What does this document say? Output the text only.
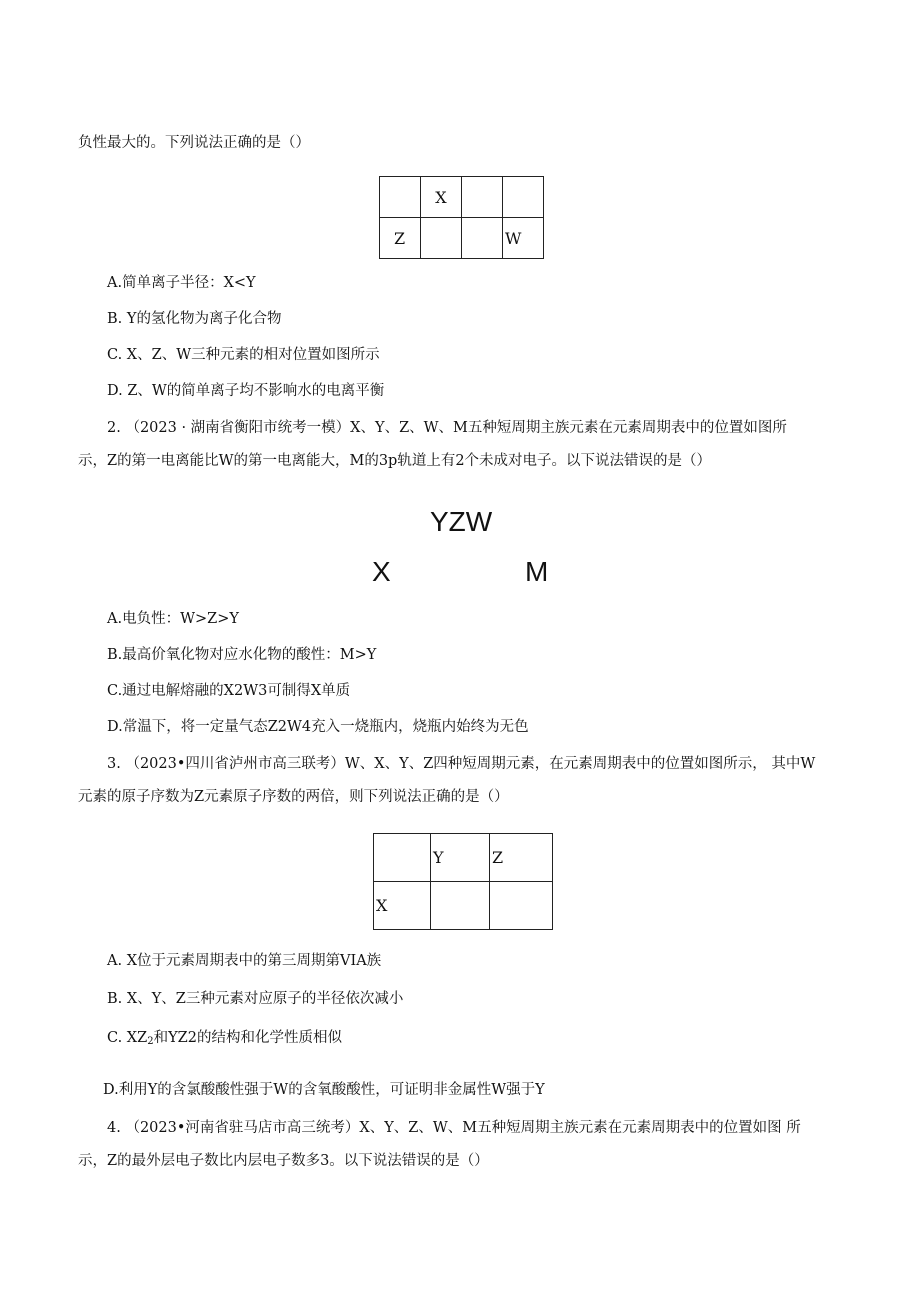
负性最大的。下列说法正确的是（）
	X		
Z			W
A.简单离子半径：X<Y
B. Y的氢化物为离子化合物
C. X、Z、W三种元素的相对位置如图所示
D. Z、W的简单离子均不影响水的电离平衡
2. （2023 · 湖南省衡阳市统考一模）X、Y、Z、W、M五种短周期主族元素在元素周期表中的位置如图所
示，Z的第一电离能比W的第一电离能大，M的3p轨道上有2个未成对电子。以下说法错误的是（）
YZW
X	M
A.电负性：W>Z>Y
B.最高价氧化物对应水化物的酸性：M>Y
C.通过电解熔融的X2W3可制得X单质
D.常温下，将一定量气态Z2W4充入一烧瓶内，烧瓶内始终为无色
3. （2023•四川省泸州市高三联考）W、X、Y、Z四种短周期元素，在元素周期表中的位置如图所示， 其中W
元素的原子序数为Z元素原子序数的两倍，则下列说法正确的是（）
	Y	Z
X		
A. X位于元素周期表中的第三周期第VIA族
B. X、Y、Z三种元素对应原子的半径依次减小
C. $XZ_2$和YZ2的结构和化学性质相似
D.利用Y的含氯酸酸性强于W的含氧酸酸性，可证明非金属性W强于Y
4. （2023•河南省驻马店市高三统考）X、Y、Z、W、M五种短周期主族元素在元素周期表中的位置如图 所
示，Z的最外层电子数比内层电子数多3。以下说法错误的是（）
